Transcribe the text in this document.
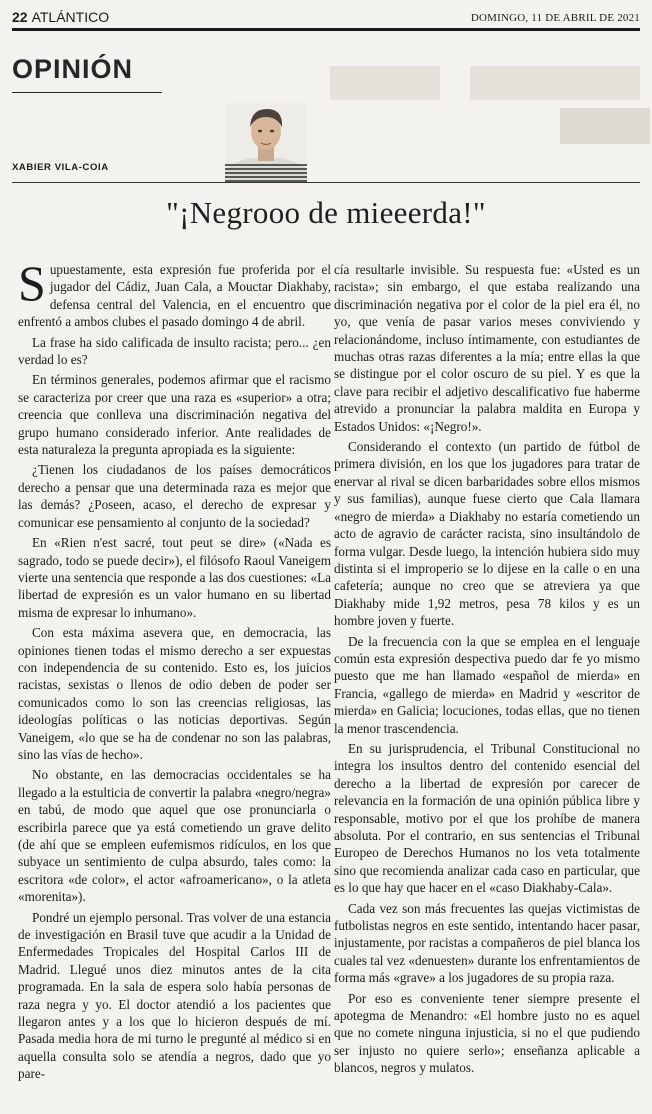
22 ATLÁNTICO	DOMINGO, 11 DE ABRIL DE 2021
OPINIÓN
XABIER VILA-COIA
"¡Negrooo de mieeerda!"

Supuestamente, esta expresión fue proferida por el jugador del Cádiz, Juan Cala, a Mouctar Diakhaby, defensa central del Valencia, en el encuentro que enfrentó a ambos clubes el pasado domingo 4 de abril.

La frase ha sido calificada de insulto racista; pero... ¿en verdad lo es?

En términos generales, podemos afirmar que el racismo se caracteriza por creer que una raza es «superior» a otra; creencia que conlleva una discriminación negativa del grupo humano considerado inferior. Ante realidades de esta naturaleza la pregunta apropiada es la siguiente:

¿Tienen los ciudadanos de los países democráticos derecho a pensar que una determinada raza es mejor que las demás? ¿Poseen, acaso, el derecho de expresar y comunicar ese pensamiento al conjunto de la sociedad?

En «Rien n'est sacré, tout peut se dire» («Nada es sagrado, todo se puede decir»), el filósofo Raoul Vaneigem vierte una sentencia que responde a las dos cuestiones: «La libertad de expresión es un valor humano en su libertad misma de expresar lo inhumano».

Con esta máxima asevera que, en democracia, las opiniones tienen todas el mismo derecho a ser expuestas con independencia de su contenido. Esto es, los juicios racistas, sexistas o llenos de odio deben de poder ser comunicados como lo son las creencias religiosas, las ideologías políticas o las noticias deportivas. Según Vaneigem, «lo que se ha de condenar no son las palabras, sino las vías de hecho».

No obstante, en las democracias occidentales se ha llegado a la estulticia de convertir la palabra «negro/negra» en tabú, de modo que aquel que ose pronunciarla o escribirla parece que ya está cometiendo un grave delito (de ahí que se empleen eufemismos ridículos, en los que subyace un sentimiento de culpa absurdo, tales como: la escritora «de color», el actor «afroamericano», o la atleta «morenita»).

Pondré un ejemplo personal. Tras volver de una estancia de investigación en Brasil tuve que acudir a la Unidad de Enfermedades Tropicales del Hospital Carlos III de Madrid. Llegué unos diez minutos antes de la cita programada. En la sala de espera solo había personas de raza negra y yo. El doctor atendió a los pacientes que llegaron antes y a los que lo hicieron después de mí. Pasada media hora de mi turno le pregunté al médico si en aquella consulta solo se atendía a negros, dado que yo pare-

cía resultarle invisible. Su respuesta fue: «Usted es un racista»; sin embargo, el que estaba realizando una discriminación negativa por el color de la piel era él, no yo, que venía de pasar varios meses conviviendo y relacionándome, incluso íntimamente, con estudiantes de muchas otras razas diferentes a la mía; entre ellas la que se distingue por el color oscuro de su piel. Y es que la clave para recibir el adjetivo descalificativo fue haberme atrevido a pronunciar la palabra maldita en Europa y Estados Unidos: «¡Negro!».

Considerando el contexto (un partido de fútbol de primera división, en los que los jugadores para tratar de enervar al rival se dicen barbaridades sobre ellos mismos y sus familias), aunque fuese cierto que Cala llamara «negro de mierda» a Diakhaby no estaría cometiendo un acto de agravio de carácter racista, sino insultándolo de forma vulgar. Desde luego, la intención hubiera sido muy distinta si el improperio se lo dijese en la calle o en una cafetería; aunque no creo que se atreviera ya que Diakhaby mide 1,92 metros, pesa 78 kilos y es un hombre joven y fuerte.

De la frecuencia con la que se emplea en el lenguaje común esta expresión despectiva puedo dar fe yo mismo puesto que me han llamado «español de mierda» en Francia, «gallego de mierda» en Madrid y «escritor de mierda» en Galicia; locuciones, todas ellas, que no tienen la menor trascendencia.

En su jurisprudencia, el Tribunal Constitucional no integra los insultos dentro del contenido esencial del derecho a la libertad de expresión por carecer de relevancia en la formación de una opinión pública libre y responsable, motivo por el que los prohíbe de manera absoluta. Por el contrario, en sus sentencias el Tribunal Europeo de Derechos Humanos no los veta totalmente sino que recomienda analizar cada caso en particular, que es lo que hay que hacer en el «caso Diakhaby-Cala».

Cada vez son más frecuentes las quejas victimistas de futbolistas negros en este sentido, intentando hacer pasar, injustamente, por racistas a compañeros de piel blanca los cuales tal vez «denuesten» durante los enfrentamientos de forma más «grave» a los jugadores de su propia raza.

Por eso es conveniente tener siempre presente el apotegma de Menandro: «El hombre justo no es aquel que no comete ninguna injusticia, si no el que pudiendo ser injusto no quiere serlo»; enseñanza aplicable a blancos, negros y mulatos.
